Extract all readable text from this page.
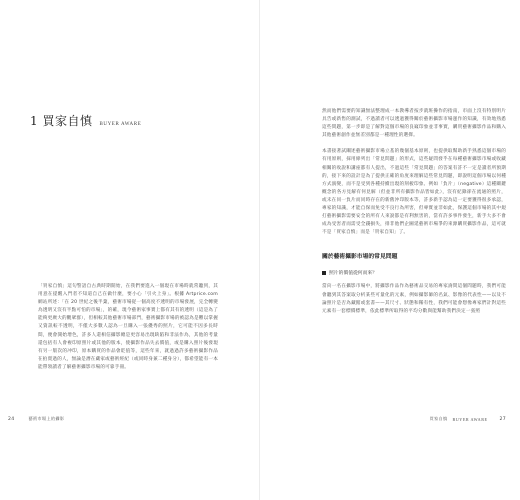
1 買家自慎 BUYER AWARE

「買家自慎」這句警語自古典時期開始，在我們要進入一個現在市場時就常聽到，其用意在提醒入門者不知道自己在做什麼，要小心「引火上身」。根據 Artprice.com 網站所述：「在 20 世紀之後半葉，藝術市場從一個高度不透明的市場發展，完全轉變為透明又沒有半點可怕的市場」，的確，現今藝術家事實上都有其有的透明（這是為了能夠更廣大的觀眾群），但相較其他藝術市場部門，藝術攝影市場的被認為是難以掌握又資訊較不透明，不僅大多數人認為一旦購入一張優秀的照片，它可能不因多長時間，便會開始增色，許多人還相信攝影總是更容易出現缺陷和非法作為，其他的考量還包括有人會複印原照片或其他的版本，使攝影作品失去價值，或是購入照片後發現有另一版次的冲印，原本購買的作品會貶值等，這些年來，就過過許多藝術攝影作品在拍賣過的人，無論是潛在藏家或藝術經紀（或同時身兼二種身分），都希望能有一本能帶領讀者了解藝術攝影市場的可靠手冊。

24	藝術市場上的攝影

然而他們需要的知識無法整理成一本教導者按步就班操作的指南，市面上沒有特別明片具告或新售的測試，不過讀者可以透過獲得關於藝術攝影市場運作的知識，有效地熟悉這些問題，第一步即是了解對這個市場的良窳印象並非事實，購買藝術攝影作品和購入其他藝術創作並無差別都是一種理性的選擇。

本書接著試闡述藝術攝影市場立基的幾個基本原則，也提供取幫助新手熟悉這個市場的有用原則，採用條列出「常見問題」的形式，這些疑問發乎在每種藝術攝影市場或收藏相關的收說和講座都有人提出，不過這些「常見問題」的答案有許不一定是讀者所預期的，接下來的設計是為了提供正確的角度來理解這些常見問題，即說明這個市場以何種方式演變，而不是受到各種持續出現的刻板印象、例如「負片」（negative）這種關鍵概念的各方見解有何見解（但並非所有攝影作品皆如此），沒有紀錄卻在流通的照片，或未在同一負片而同時存在的新舊沖印版本等，許多新手認為這一定要獲得很多承認，專家的知識，才能自保而免受不良行為所害，但專實並非如此，保護這個市場的其中規打藝術攝影需要安全的所有人來說都是有利無害的，當有許多事件發生，新手大多不會成為受害者而需受全錢損失，排非他們企圖延藝術市場爭的來源購買攝影作品，這可就不是「買家自慎」而是「買家自知」了。

關於藝術攝影市場的常見問題
照片的價值從何而來？

當向一名在攝影市場中，將攝影作品作為藝術品交易的專家詢問這個問題時，我們可能會聽到其答案取分析某些可量化的元素，例如攝影師的名氣、影像的代表性——以及不論照片是否為藏館或套書——其尺寸、狀態和稀有性，我們可能會想像專家們計對這些元素有一套標價標準，依此標準所取得的平均分數與能幫助我們決定一張照

買家自慎 BUYER AWARE	27
